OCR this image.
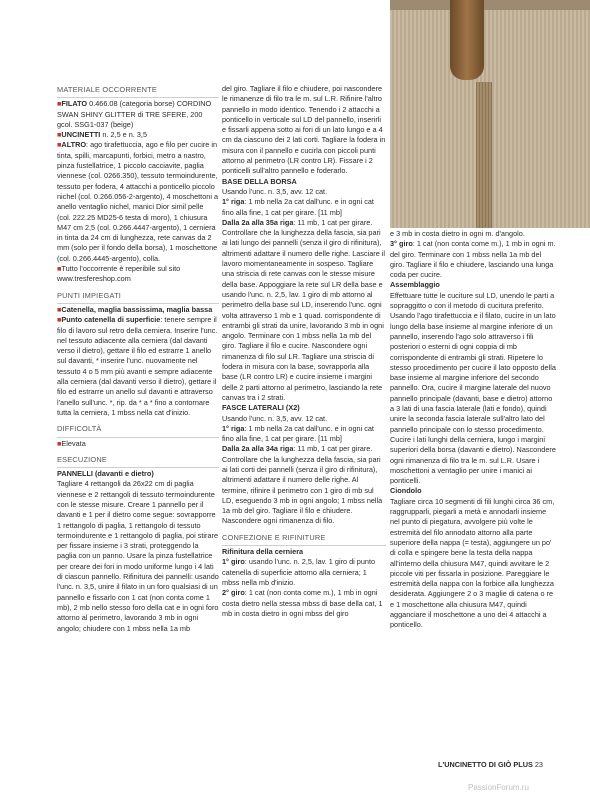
MATERIALE OCCORRENTE

■FILATO 0.466.08 (categoria borse) CORDINO SWAN SHINY GLITTER di TRE SFERE, 200 gcol. SSG1-037 (beige)

■UNCINETTI n. 2,5 e n. 3,5

■ALTRO: ago tirafettuccia, ago e filo per cucire in tinta, spilli, marcapunti, forbici, metro a nastro, pinza fustellatrice, 1 piccolo cacciavite, paglia viennese (col. 0266.350), tessuto termoindurente, tessuto per fodera, 4 attacchi a ponticello piccolo nichel (col. 0.266.056-2-argento), 4 moschettoni a anello ventaglio nichel, manici Dior simil pelle (col. 222.25 MD25-6 testa di moro), 1 chiusura M47 cm 2,5 (col. 0.266.4447-argento), 1 cerniera in tinta da 24 cm di lunghezza, rete canvas da 2 mm (solo per il fondo della borsa), 1 moschettone (col. 0.266.4445-argento), colla.

■Tutto l'occorrente è reperibile sul sito www.tresfereshop.com

PUNTI IMPIEGATI

■Catenella, maglia bassissima, maglia bassa

■Punto catenella di superficie: tenere sempre il filo di lavoro sul retro della cerniera. Inserire l'unc. nel tessuto adiacente alla cerniera (dal davanti verso il dietro), gettare il filo ed estrarre 1 anello sul davanti, * inserire l'unc. nuovamente nel tessuto 4 o 5 mm più avanti e sempre adiacente alla cerniera (dal davanti verso il dietro), gettare il filo ed estrarre un anello sul davanti e attraverso l'anello sull'unc. *, rip. da * a * fino a contornare tutta la cerniera, 1 mbss nella cat d'inizio.

DIFFICOLTÀ

■Elevata

ESECUZIONE

PANNELLI (davanti e dietro)

Tagliare 4 rettangoli da 26x22 cm di paglia viennese e 2 rettangoli di tessuto termoindurente con le stesse misure. Creare 1 pannello per il davanti e 1 per il dietro come segue: sovrapporre 1 rettangolo di paglia, 1 rettangolo di tessuto termoindurente e 1 rettangolo di paglia, poi stirare per fissare insieme i 3 strati, proteggendo la paglia con un panno. Usare la pinza fustellatrice per creare dei fori in modo uniforme lungo i 4 lati di ciascun pannello. Rifinitura dei pannelli: usando l'unc. n. 3,5, unire il filato in un foro qualsiasi di un pannello e fissarlo con 1 cat (non conta come 1 mb), 2 mb nello stesso foro della cat e in ogni foro attorno al perimetro, lavorando 3 mb in ogni angolo; chiudere con 1 mbss nella 1a mb

del giro. Tagliare il filo e chiudere, poi nascondere le rimanenze di filo tra le m. sul L.R. Rifinire l'altro pannello in modo identico. Tenendo i 2 attacchi a ponticello in verticale sul LD del pannello, inserirli e fissarli appena sotto ai fori di un lato lungo e a 4 cm da ciascuno dei 2 lati corti. Tagliare la fodera in misura con il pannello e cucirla con piccoli punti attorno al perimetro (LR contro LR). Fissare i 2 ponticelli sull'altro pannello e foderarlo.

BASE DELLA BORSA

Usando l'unc. n. 3,5, avv. 12 cat.

1° riga: 1 mb nella 2a cat dall'unc. e in ogni cat fino alla fine, 1 cat per girare. [11 mb]

Dalla 2a alla 35a riga: 11 mb, 1 cat per girare. Controllare che la lunghezza della fascia, sia pari ai lati lungo dei pannelli (senza il giro di rifinitura), altrimenti adattare il numero delle righe. Lasciare il lavoro momentaneamente in sospeso. Tagliare una striscia di rete canvas con le stesse misure della base. Appoggiare la rete sul LR della base e usando l'unc. n. 2,5, lav. 1 giro di mb attorno al perimetro della base sul LD, inserendo l'unc. ogni volta attraverso 1 mb e 1 quad. corrispondente di entrambi gli strati da unire, lavorando 3 mb in ogni angolo. Terminare con 1 mbss nella 1a mb del giro. Tagliare il filo e cucire. Nascondere ogni rimanenza di filo sul LR. Tagliare una striscia di fodera in misura con la base, sovrapporla alla base (LR contro LR) e cucire insieme i margini delle 2 parti attorno al perimetro, lasciando la rete canvas tra i 2 strati.

FASCE LATERALI (X2)

Usando l'unc. n. 3,5, avv. 12 cat.

1° riga: 1 mb nella 2a cat dall'unc. e in ogni cat fino alla fine, 1 cat per girare. [11 mb]

Dalla 2a alla 34a riga: 11 mb, 1 cat per girare. Controllare che la lunghezza della fascia, sia pari ai lati corti dei pannelli (senza il giro di rifinitura), altrimenti adattare il numero delle righe. Al termine, rifinire il perimetro con 1 giro di mb sul LD, eseguendo 3 mb in ogni angolo; 1 mbss nella 1a mb del giro. Tagliare il filo e chiudere. Nascondere ogni rimanenza di filo.

CONFEZIONE E RIFINITURE

Rifinitura della cerniera

1° giro: usando l'unc. n. 2,5, lav. 1 giro di punto catenella di superficie attorno alla cerniera; 1 mbss nella mb d'inizio.

2° giro: 1 cat (non conta come m.), 1 mb in ogni costa dietro nella stessa mbss di base della cat, 1 mb in costa dietro in ogni mbss del giro

e 3 mb in costa dietro in ogni m. d'angolo.

3° giro: 1 cat (non conta come m.), 1 mb in ogni m. del giro. Terminare con 1 mbss nella 1a mb del giro. Tagliare il filo e chiudere, lasciando una lunga coda per cucire.

Assemblaggio

Effettuare tutte le cuciture sul LD, unendo le parti a sopraggitto o con il metodo di cucitura preferito. Usando l'ago tirafettuccia e il filato, cucire in un lato lungo della base insieme al margine inferiore di un pannello, inserendo l'ago solo attraverso i fili posteriori o esterni di ogni coppia di mb corrispondente di entrambi gli strati. Ripetere lo stesso procedimento per cucire il lato opposto della base insieme al margine inferiore del secondo pannello. Ora, cucire il margine laterale del nuovo pannello principale (davanti, base e dietro) attorno a 3 lati di una fascia laterale (lati e fondo), quindi unire la seconda fascia laterale sull'altro lato del pannello principale con lo stesso procedimento. Cucire i lati lunghi della cerniera, lungo i margini superiori della borsa (davanti e dietro). Nascondere ogni rimanenza di filo tra le m. sul L.R. Usare i moschettoni a ventaglio per unire i manici ai ponticelli.

Ciondolo

Tagliare circa 10 segmenti di fili lunghi circa 36 cm, raggrupparli, piegarli a metà e annodarli insieme nel punto di piegatura, avvolgere più volte le estremità del filo annodato attorno alla parte superiore della nappa (= testa), aggiungere un po' di colla e spingere bene la testa della nappa all'interno della chiusura M47, quindi avvitare le 2 piccole viti per fissarla in posizione. Pareggiare le estremità della nappa con la forbice alla lunghezza desiderata. Aggiungere 2 o 3 maglie di catena o re e 1 moschettone alla chiusura M47, quindi agganciare il moschettone a uno dei 4 attacchi a ponticello.

L'UNCINETTO DI GIÒ PLUS 23
PassionForum.ru
